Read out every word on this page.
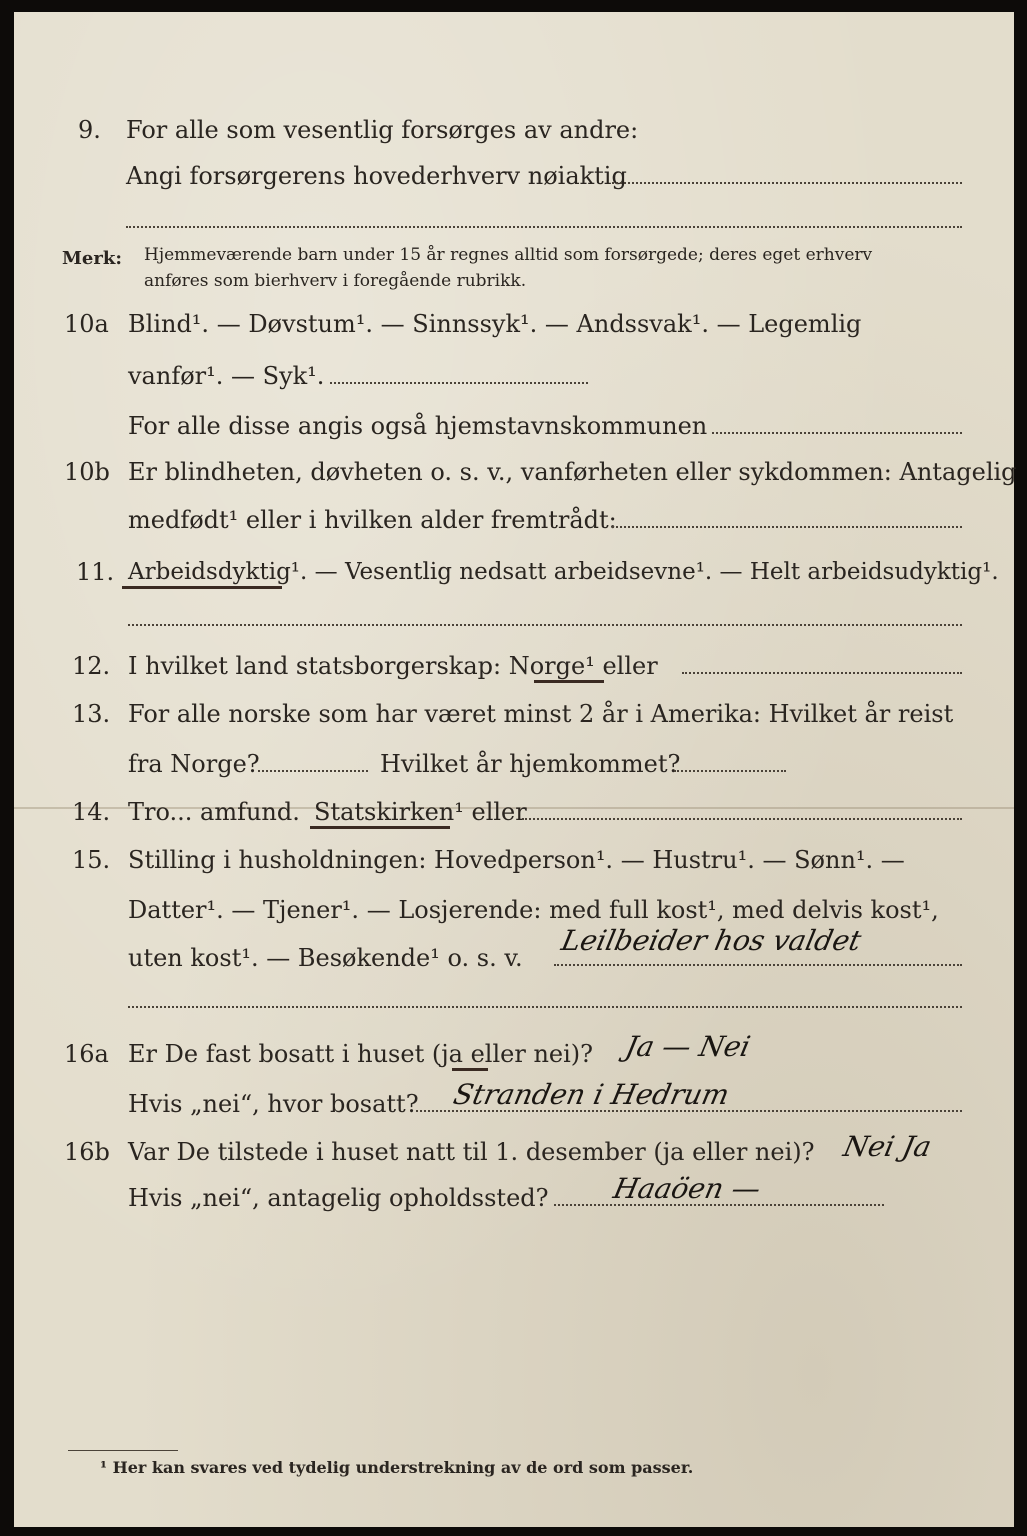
9. For alle som vesentlig forsørges av andre:
Angi forsørgerens hovederhverv nøiaktig
Merk: Hjemmeværende barn under 15 år regnes alltid som forsørgede; deres eget erhverv
anføres som bierhverv i foregående rubrikk.
10a Blind¹. — Døvstum¹. — Sinnssyk¹. — Andssvak¹. — Legemlig
vanfør¹. — Syk¹.
For alle disse angis også hjemstavnskommunen
10b Er blindheten, døvheten o. s. v., vanførheten eller sykdommen: Antagelig
medfødt¹ eller i hvilken alder fremtrådt:
11. Arbeidsdyktig¹. — Vesentlig nedsatt arbeidsevne¹. — Helt arbeidsudyktig¹.
12. I hvilket land statsborgerskap: Norge¹ eller
13. For alle norske som har været minst 2 år i Amerika: Hvilket år reist
fra Norge?	Hvilket år hjemkommet?
14. Tro... amfund. Statskirken¹ eller
15. Stilling i husholdningen: Hovedperson¹. — Hustru¹. — Sønn¹. —
Datter¹. — Tjener¹. — Losjerende: med full kost¹, med delvis kost¹,
uten kost¹. — Besøkende¹ o. s. v.
Leilbeider hos valdet
16a Er De fast bosatt i huset (ja eller nei)? Ja — Nei
Hvis „nei“, hvor bosatt? Stranden i Hedrum
16b Var De tilstede i huset natt til 1. desember (ja eller nei)? Nei Ja
Hvis „nei“, antagelig opholdssted? Haaöen —
¹ Her kan svares ved tydelig understrekning av de ord som passer.
